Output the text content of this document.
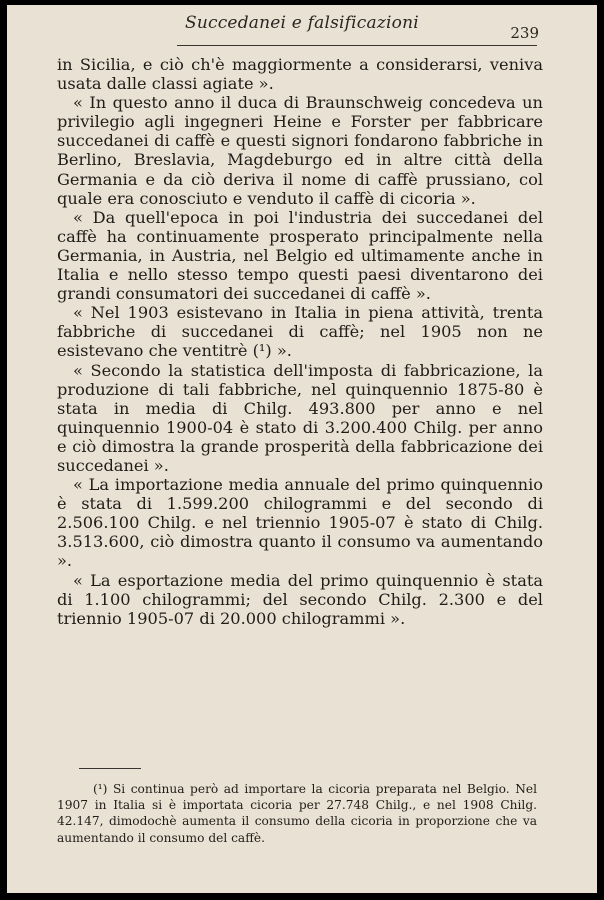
Succedanei e falsificazioni	239

in Sicilia, e ciò ch'è maggiormente a considerarsi, veniva usata dalle classi agiate ».

« In questo anno il duca di Braunschweig concedeva un privilegio agli ingegneri Heine e Forster per fabbricare succedanei di caffè e questi signori fondarono fabbriche in Berlino, Breslavia, Magdeburgo ed in altre città della Germania e da ciò deriva il nome di caffè prussiano, col quale era conosciuto e venduto il caffè di cicoria ».

« Da quell'epoca in poi l'industria dei succedanei del caffè ha continuamente prosperato principalmente nella Germania, in Austria, nel Belgio ed ultimamente anche in Italia e nello stesso tempo questi paesi diventarono dei grandi consumatori dei succedanei di caffè ».

« Nel 1903 esistevano in Italia in piena attività, trenta fabbriche di succedanei di caffè; nel 1905 non ne esistevano che ventitrè (¹) ».

« Secondo la statistica dell'imposta di fabbricazione, la produzione di tali fabbriche, nel quinquennio 1875-80 è stata in media di Chilg. 493.800 per anno e nel quinquennio 1900-04 è stato di 3.200.400 Chilg. per anno e ciò dimostra la grande prosperità della fabbricazione dei succedanei ».

« La importazione media annuale del primo quinquennio è stata di 1.599.200 chilogrammi e del secondo di 2.506.100 Chilg. e nel triennio 1905-07 è stato di Chilg. 3.513.600, ciò dimostra quanto il consumo va aumentando ».

« La esportazione media del primo quinquennio è stata di 1.100 chilogrammi; del secondo Chilg. 2.300 e del triennio 1905-07 di 20.000 chilogrammi ».

(¹) Si continua però ad importare la cicoria preparata nel Belgio. Nel 1907 in Italia si è importata cicoria per 27.748 Chilg., e nel 1908 Chilg. 42.147, dimodochè aumenta il consumo della cicoria in proporzione che va aumentando il consumo del caffè.
